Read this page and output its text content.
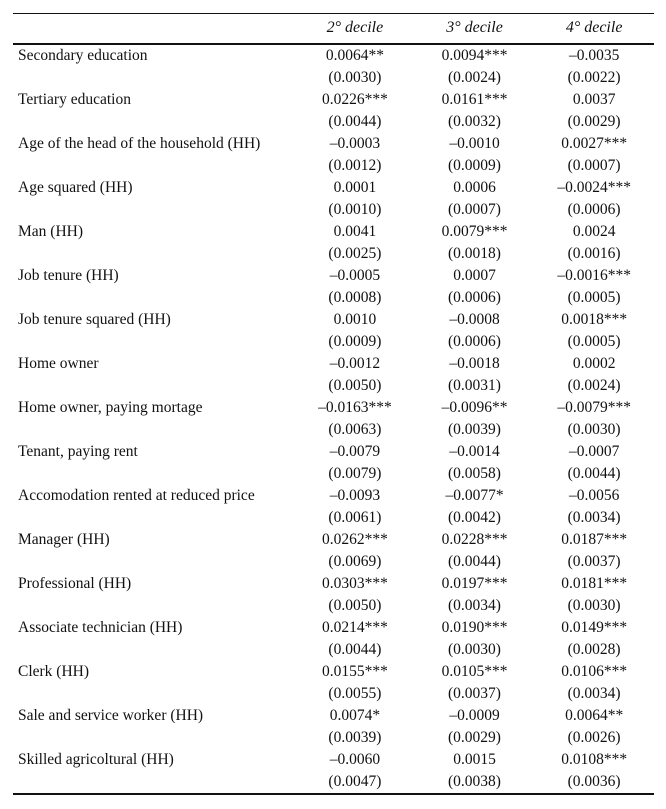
	2° decile	3° decile	4° decile
Secondary education	0.0064**	0.0094***	–0.0035
	(0.0030)	(0.0024)	(0.0022)
Tertiary education	0.0226***	0.0161***	0.0037
	(0.0044)	(0.0032)	(0.0029)
Age of the head of the household (HH)	–0.0003	–0.0010	0.0027***
	(0.0012)	(0.0009)	(0.0007)
Age squared (HH)	0.0001	0.0006	–0.0024***
	(0.0010)	(0.0007)	(0.0006)
Man (HH)	0.0041	0.0079***	0.0024
	(0.0025)	(0.0018)	(0.0016)
Job tenure (HH)	–0.0005	0.0007	–0.0016***
	(0.0008)	(0.0006)	(0.0005)
Job tenure squared (HH)	0.0010	–0.0008	0.0018***
	(0.0009)	(0.0006)	(0.0005)
Home owner	–0.0012	–0.0018	0.0002
	(0.0050)	(0.0031)	(0.0024)
Home owner, paying mortage	–0.0163***	–0.0096**	–0.0079***
	(0.0063)	(0.0039)	(0.0030)
Tenant, paying rent	–0.0079	–0.0014	–0.0007
	(0.0079)	(0.0058)	(0.0044)
Accomodation rented at reduced price	–0.0093	–0.0077*	–0.0056
	(0.0061)	(0.0042)	(0.0034)
Manager (HH)	0.0262***	0.0228***	0.0187***
	(0.0069)	(0.0044)	(0.0037)
Professional (HH)	0.0303***	0.0197***	0.0181***
	(0.0050)	(0.0034)	(0.0030)
Associate technician (HH)	0.0214***	0.0190***	0.0149***
	(0.0044)	(0.0030)	(0.0028)
Clerk (HH)	0.0155***	0.0105***	0.0106***
	(0.0055)	(0.0037)	(0.0034)
Sale and service worker (HH)	0.0074*	–0.0009	0.0064**
	(0.0039)	(0.0029)	(0.0026)
Skilled agricoltural (HH)	–0.0060	0.0015	0.0108***
	(0.0047)	(0.0038)	(0.0036)
